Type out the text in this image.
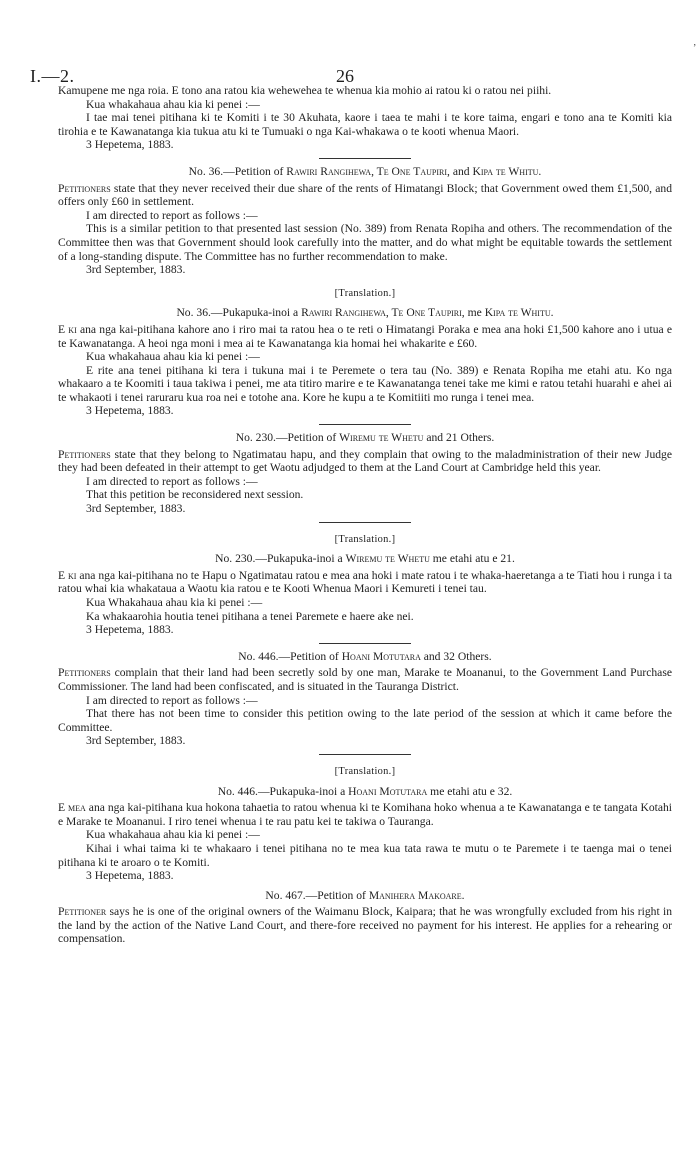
I.—2.	26
,

Kamupene me nga roia. E tono ana ratou kia wehewehea te whenua kia mohio ai ratou ki o ratou nei piihi.

Kua whakahaua ahau kia ki penei :—

I tae mai tenei pitihana ki te Komiti i te 30 Akuhata, kaore i taea te mahi i te kore taima, engari e tono ana te Komiti kia tirohia e te Kawanatanga kia tukua atu ki te Tumuaki o nga Kai-whakawa o te kooti whenua Maori.

3 Hepetema, 1883.

No. 36.—Petition of Rawiri Rangihewa, Te One Taupiri, and Kipa te Whitu.

Petitioners state that they never received their due share of the rents of Himatangi Block; that Government owed them £1,500, and offers only £60 in settlement.

I am directed to report as follows :—

This is a similar petition to that presented last session (No. 389) from Renata Ropiha and others. The recommendation of the Committee then was that Government should look carefully into the matter, and do what might be equitable towards the settlement of a long-standing dispute. The Committee has no further recommendation to make.

3rd September, 1883.

[Translation.]

No. 36.—Pukapuka-inoi a Rawiri Rangihewa, Te One Taupiri, me Kipa te Whitu.

E ki ana nga kai-pitihana kahore ano i riro mai ta ratou hea o te reti o Himatangi Poraka e mea ana hoki £1,500 kahore ano i utua e te Kawanatanga. A heoi nga moni i mea ai te Kawanatanga kia homai hei whakarite e £60.

Kua whakahaua ahau kia ki penei :—

E rite ana tenei pitihana ki tera i tukuna mai i te Peremete o tera tau (No. 389) e Renata Ropiha me etahi atu. Ko nga whakaaro a te Koomiti i taua takiwa i penei, me ata titiro marire e te Kawanatanga tenei take me kimi e ratou tetahi huarahi e ahei ai te whakaoti i tenei raruraru kua roa nei e totohe ana. Kore he kupu a te Komitiiti mo runga i tenei mea.

3 Hepetema, 1883.

No. 230.—Petition of Wiremu te Whetu and 21 Others.

Petitioners state that they belong to Ngatimatau hapu, and they complain that owing to the maladministration of their new Judge they had been defeated in their attempt to get Waotu adjudged to them at the Land Court at Cambridge held this year.

I am directed to report as follows :—

That this petition be reconsidered next session.

3rd September, 1883.

[Translation.]

No. 230.—Pukapuka-inoi a Wiremu te Whetu me etahi atu e 21.

E ki ana nga kai-pitihana no te Hapu o Ngatimatau ratou e mea ana hoki i mate ratou i te whaka-haeretanga a te Tiati hou i runga i ta ratou whai kia whakataua a Waotu kia ratou e te Kooti Whenua Maori i Kemureti i tenei tau.

Kua Whakahaua ahau kia ki penei :—

Ka whakaarohia houtia tenei pitihana a tenei Paremete e haere ake nei.

3 Hepetema, 1883.

No. 446.—Petition of Hoani Motutara and 32 Others.

Petitioners complain that their land had been secretly sold by one man, Marake te Moananui, to the Government Land Purchase Commissioner. The land had been confiscated, and is situated in the Tauranga District.

I am directed to report as follows :—

That there has not been time to consider this petition owing to the late period of the session at which it came before the Committee.

3rd September, 1883.

[Translation.]

No. 446.—Pukapuka-inoi a Hoani Motutara me etahi atu e 32.

E mea ana nga kai-pitihana kua hokona tahaetia to ratou whenua ki te Komihana hoko whenua a te Kawanatanga e te tangata Kotahi e Marake te Moananui. I riro tenei whenua i te rau patu kei te takiwa o Tauranga.

Kua whakahaua ahau kia ki penei :—

Kihai i whai taima ki te whakaaro i tenei pitihana no te mea kua tata rawa te mutu o te Paremete i te taenga mai o tenei pitihana ki te aroaro o te Komiti.

3 Hepetema, 1883.

No. 467.—Petition of Manihera Makoare.

Petitioner says he is one of the original owners of the Waimanu Block, Kaipara; that he was wrongfully excluded from his right in the land by the action of the Native Land Court, and there-fore received no payment for his interest. He applies for a rehearing or compensation.
